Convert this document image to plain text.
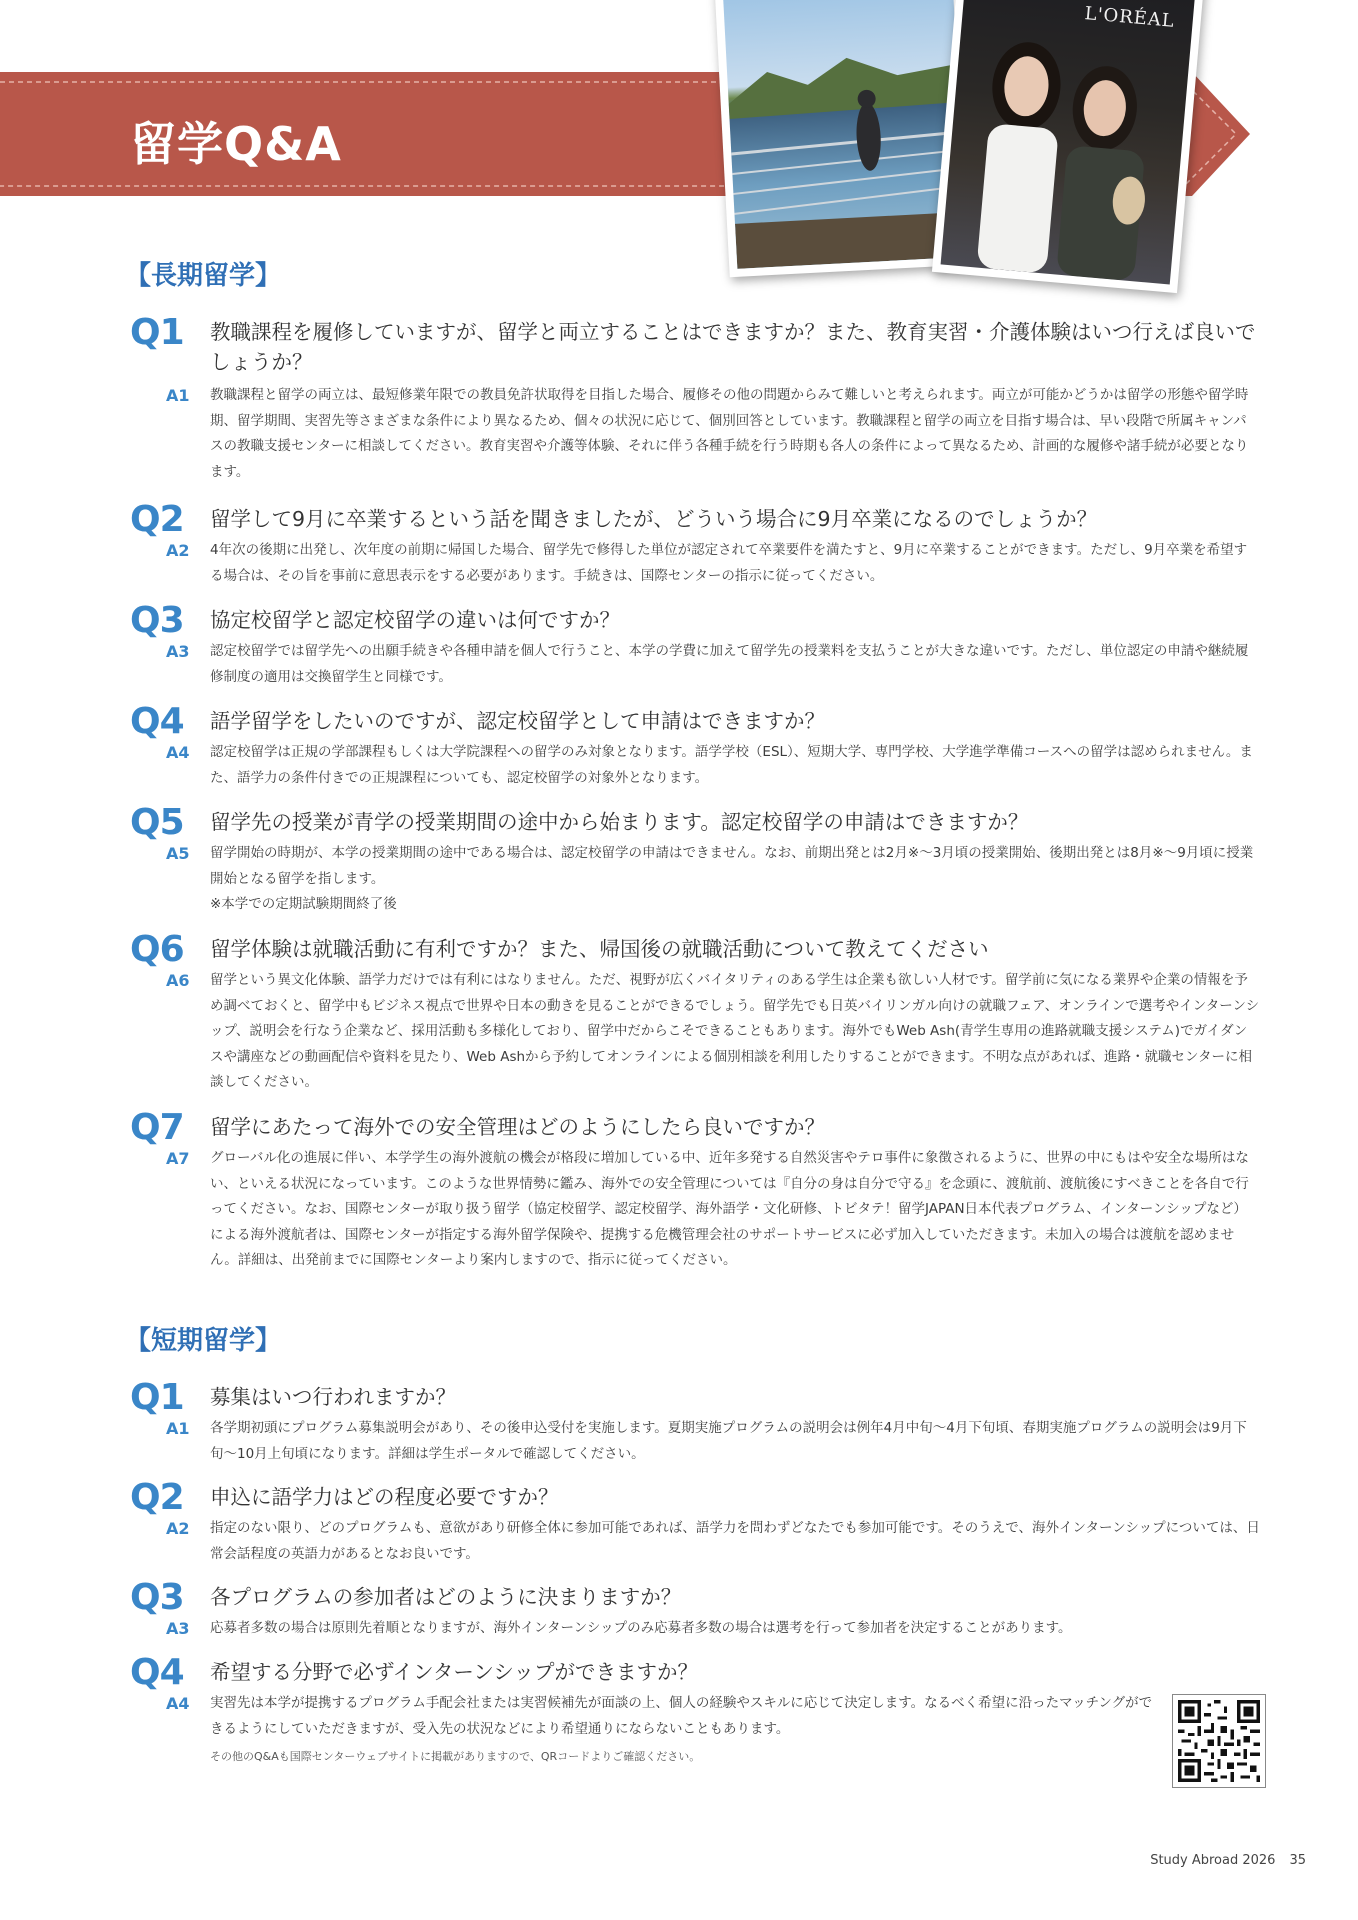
留学Q&A
L'ORÉAL
【長期留学】
Q1	教職課程を履修していますが、留学と両立することはできますか？また、教育実習・介護体験はいつ行えば良いでしょうか？
A1	教職課程と留学の両立は、最短修業年限での教員免許状取得を目指した場合、履修その他の問題からみて難しいと考えられます。両立が可能かどうかは留学の形態や留学時期、留学期間、実習先等さまざまな条件により異なるため、個々の状況に応じて、個別回答としています。教職課程と留学の両立を目指す場合は、早い段階で所属キャンパスの教職支援センターに相談してください。教育実習や介護等体験、それに伴う各種手続を行う時期も各人の条件によって異なるため、計画的な履修や諸手続が必要となります。

Q2	留学して9月に卒業するという話を聞きましたが、どういう場合に9月卒業になるのでしょうか？
A2	4年次の後期に出発し、次年度の前期に帰国した場合、留学先で修得した単位が認定されて卒業要件を満たすと、9月に卒業することができます。ただし、9月卒業を希望する場合は、その旨を事前に意思表示をする必要があります。手続きは、国際センターの指示に従ってください。

Q3	協定校留学と認定校留学の違いは何ですか？
A3	認定校留学では留学先への出願手続きや各種申請を個人で行うこと、本学の学費に加えて留学先の授業料を支払うことが大きな違いです。ただし、単位認定の申請や継続履修制度の適用は交換留学生と同様です。

Q4	語学留学をしたいのですが、認定校留学として申請はできますか？
A4	認定校留学は正規の学部課程もしくは大学院課程への留学のみ対象となります。語学学校（ESL）、短期大学、専門学校、大学進学準備コースへの留学は認められません。また、語学力の条件付きでの正規課程についても、認定校留学の対象外となります。

Q5	留学先の授業が青学の授業期間の途中から始まります。認定校留学の申請はできますか？
A5	留学開始の時期が、本学の授業期間の途中である場合は、認定校留学の申請はできません。なお、前期出発とは2月※〜3月頃の授業開始、後期出発とは8月※〜9月頃に授業開始となる留学を指します。

※本学での定期試験期間終了後

Q6	留学体験は就職活動に有利ですか？また、帰国後の就職活動について教えてください
A6	留学という異文化体験、語学力だけでは有利にはなりません。ただ、視野が広くバイタリティのある学生は企業も欲しい人材です。留学前に気になる業界や企業の情報を予め調べておくと、留学中もビジネス視点で世界や日本の動きを見ることができるでしょう。留学先でも日英バイリンガル向けの就職フェア、オンラインで選考やインターンシップ、説明会を行なう企業など、採用活動も多様化しており、留学中だからこそできることもあります。海外でもWeb Ash(青学生専用の進路就職支援システム)でガイダンスや講座などの動画配信や資料を見たり、Web Ashから予約してオンラインによる個別相談を利用したりすることができます。不明な点があれば、進路・就職センターに相談してください。

Q7	留学にあたって海外での安全管理はどのようにしたら良いですか？
A7	グローバル化の進展に伴い、本学学生の海外渡航の機会が格段に増加している中、近年多発する自然災害やテロ事件に象徴されるように、世界の中にもはや安全な場所はない、といえる状況になっています。このような世界情勢に鑑み、海外での安全管理については『自分の身は自分で守る』を念頭に、渡航前、渡航後にすべきことを各自で行ってください。なお、国際センターが取り扱う留学（協定校留学、認定校留学、海外語学・文化研修、トビタテ！留学JAPAN日本代表プログラム、インターンシップなど）による海外渡航者は、国際センターが指定する海外留学保険や、提携する危機管理会社のサポートサービスに必ず加入していただきます。未加入の場合は渡航を認めません。詳細は、出発前までに国際センターより案内しますので、指示に従ってください。

【短期留学】
Q1	募集はいつ行われますか？
A1	各学期初頭にプログラム募集説明会があり、その後申込受付を実施します。夏期実施プログラムの説明会は例年4月中旬〜4月下旬頃、春期実施プログラムの説明会は9月下旬〜10月上旬頃になります。詳細は学生ポータルで確認してください。

Q2	申込に語学力はどの程度必要ですか？
A2	指定のない限り、どのプログラムも、意欲があり研修全体に参加可能であれば、語学力を問わずどなたでも参加可能です。そのうえで、海外インターンシップについては、日常会話程度の英語力があるとなお良いです。

Q3	各プログラムの参加者はどのように決まりますか？
A3	応募者多数の場合は原則先着順となりますが、海外インターンシップのみ応募者多数の場合は選考を行って参加者を決定することがあります。

Q4	希望する分野で必ずインターンシップができますか？
A4	実習先は本学が提携するプログラム手配会社または実習候補先が面談の上、個人の経験やスキルに応じて決定します。なるべく希望に沿ったマッチングができるようにしていただきますが、受入先の状況などにより希望通りにならないこともあります。

その他のQ&Aも国際センターウェブサイトに掲載がありますので、QRコードよりご確認ください。

Study Abroad 2026 35
